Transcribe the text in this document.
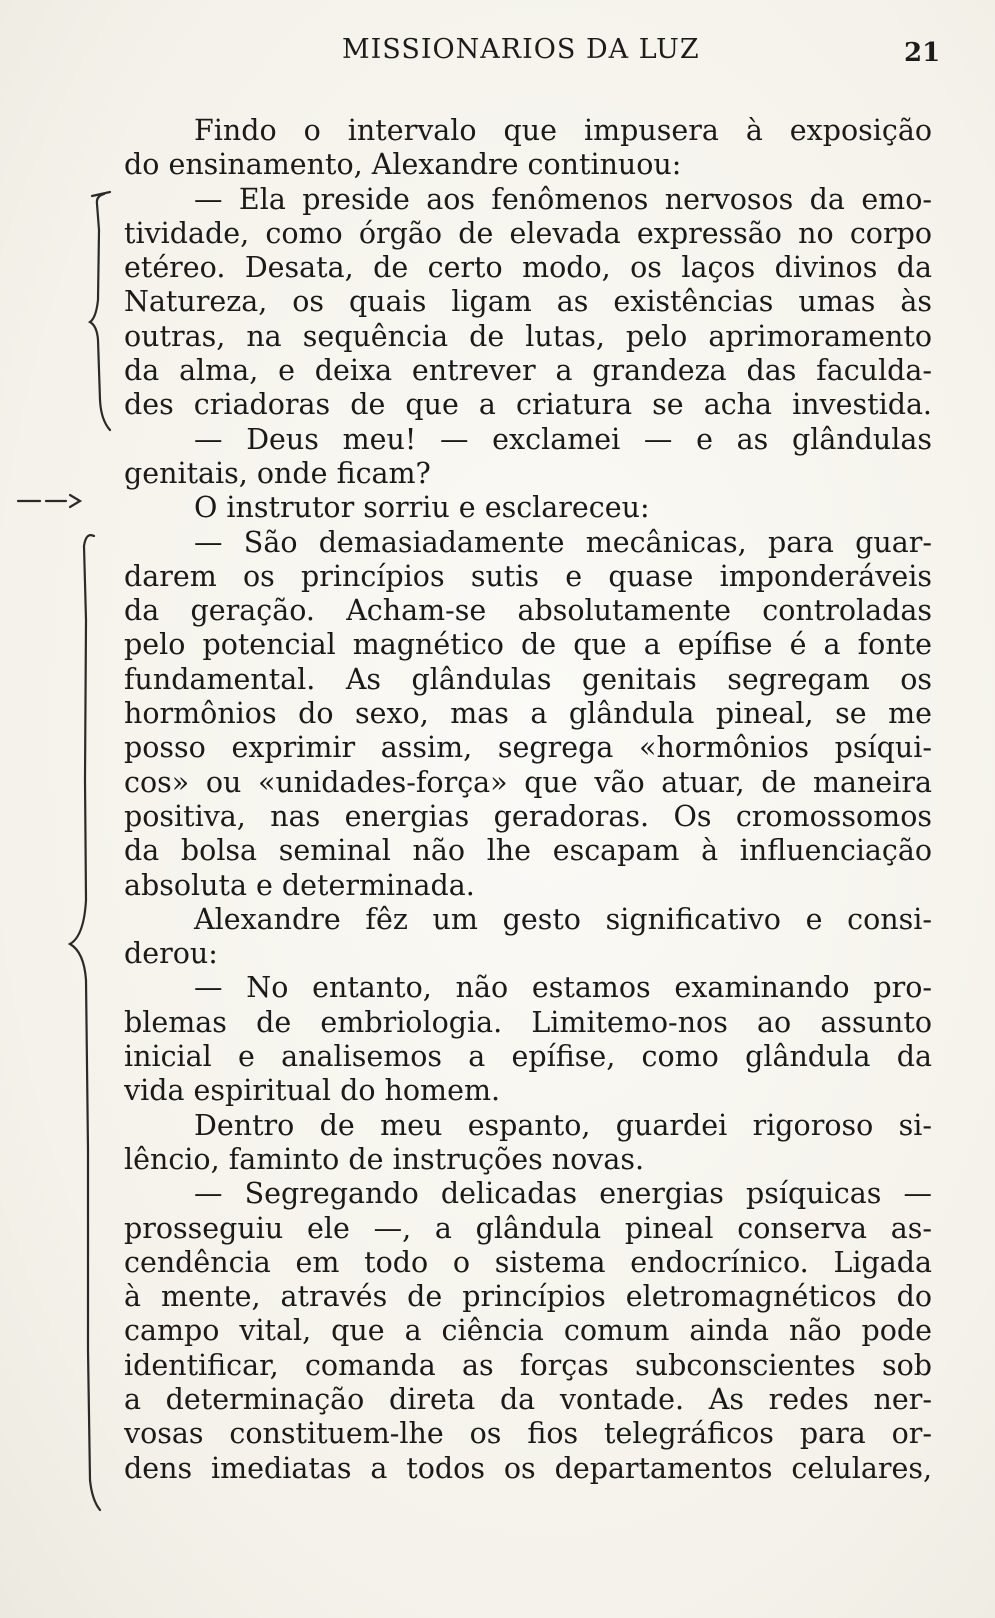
MISSIONARIOS DA LUZ	21
Findo o intervalo que impusera à exposição
do ensinamento, Alexandre continuou:
— Ela preside aos fenômenos nervosos da emo-
tividade, como órgão de elevada expressão no corpo
etéreo. Desata, de certo modo, os laços divinos da
Natureza, os quais ligam as existências umas às
outras, na sequência de lutas, pelo aprimoramento
da alma, e deixa entrever a grandeza das faculda-
des criadoras de que a criatura se acha investida.
— Deus meu! — exclamei — e as glândulas
genitais, onde ficam?
O instrutor sorriu e esclareceu:
— São demasiadamente mecânicas, para guar-
darem os princípios sutis e quase imponderáveis
da geração. Acham-se absolutamente controladas
pelo potencial magnético de que a epífise é a fonte
fundamental. As glândulas genitais segregam os
hormônios do sexo, mas a glândula pineal, se me
posso exprimir assim, segrega «hormônios psíqui-
cos» ou «unidades-força» que vão atuar, de maneira
positiva, nas energias geradoras. Os cromossomos
da bolsa seminal não lhe escapam à influenciação
absoluta e determinada.
Alexandre fêz um gesto significativo e consi-
derou:
— No entanto, não estamos examinando pro-
blemas de embriologia. Limitemo-nos ao assunto
inicial e analisemos a epífise, como glândula da
vida espiritual do homem.
Dentro de meu espanto, guardei rigoroso si-
lêncio, faminto de instruções novas.
— Segregando delicadas energias psíquicas —
prosseguiu ele —, a glândula pineal conserva as-
cendência em todo o sistema endocrínico. Ligada
à mente, através de princípios eletromagnéticos do
campo vital, que a ciência comum ainda não pode
identificar, comanda as forças subconscientes sob
a determinação direta da vontade. As redes ner-
vosas constituem-lhe os fios telegráficos para or-
dens imediatas a todos os departamentos celulares,
